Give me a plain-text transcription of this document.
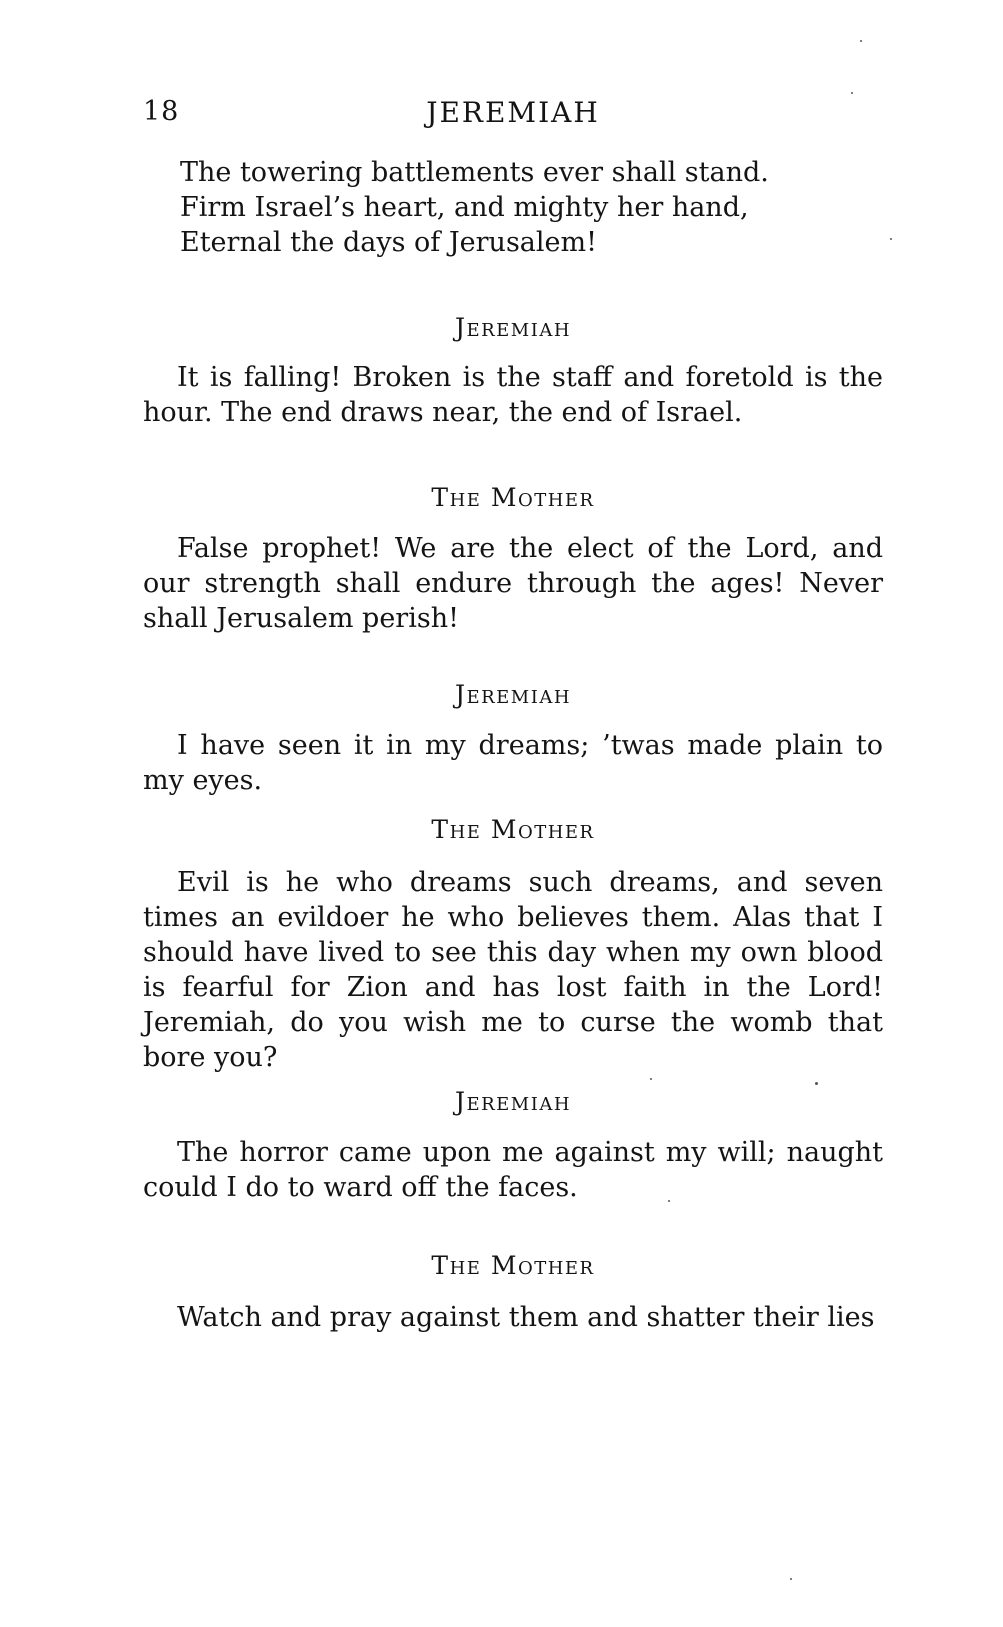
18	JEREMIAH
The towering battlements ever shall stand.
Firm Israel’s heart, and mighty her hand,
Eternal the days of Jerusalem!
Jeremiah
It is falling! Broken is the staff and foretold is the hour. The end draws near, the end of Israel.
The Mother
False prophet! We are the elect of the Lord, and our strength shall endure through the ages! Never shall Jerusalem perish!
Jeremiah
I have seen it in my dreams; ’twas made plain to my eyes.
The Mother
Evil is he who dreams such dreams, and seven times an evildoer he who believes them. Alas that I should have lived to see this day when my own blood is fearful for Zion and has lost faith in the Lord! Jeremiah, do you wish me to curse the womb that bore you?
Jeremiah
The horror came upon me against my will; naught could I do to ward off the faces.
The Mother
Watch and pray against them and shatter their lies
